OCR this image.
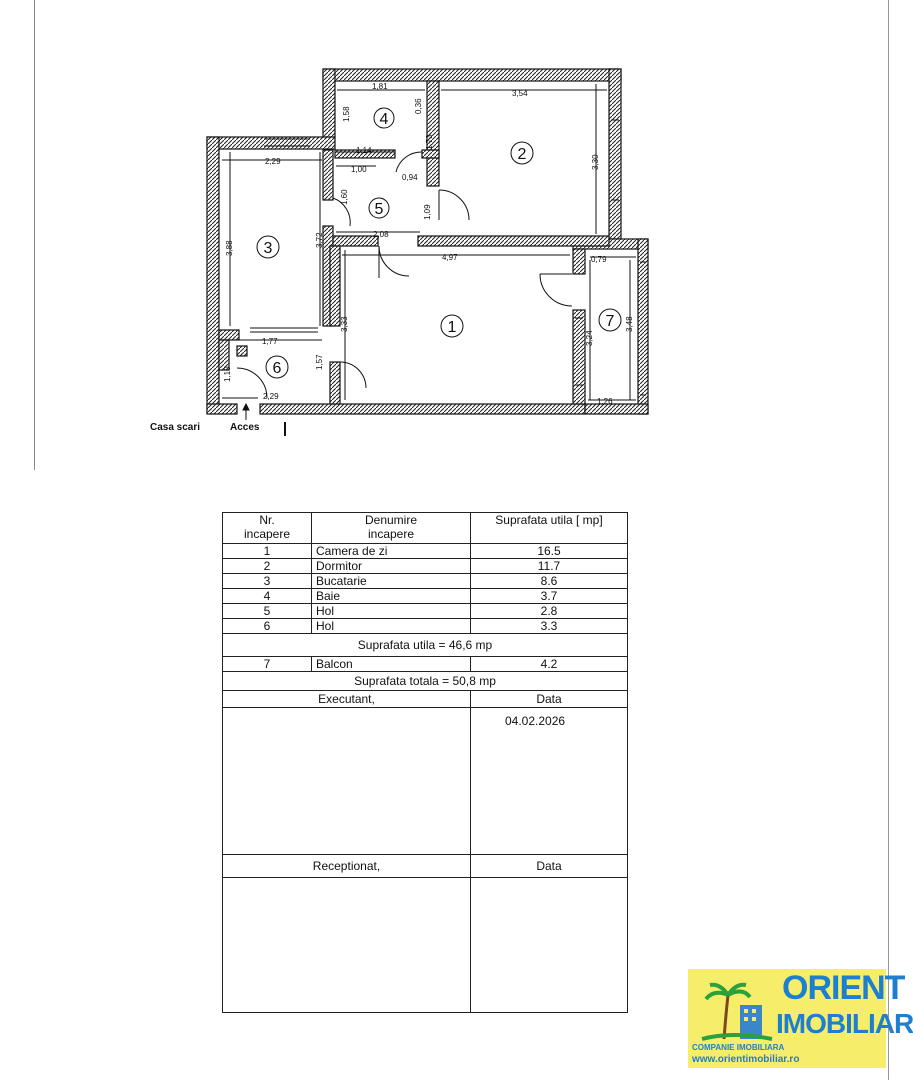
4
2
5
3
1	7
6
1,81
3,54
1,58
0,36
1,73
2,29
1,14
1,00
0,94
3,30
1,60
1,09
3,88
3,72	2,08
4,97	0,79
3,33
3,24
3,48
1,77
1,57
1,10
2,29
1,26
Casa scari	Acces
Nr. incapere	Denumire incapere	Suprafata utila [ mp]
1	Camera de zi	16.5
2	Dormitor	11.7
3	Bucatarie	8.6
4	Baie	3.7
5	Hol	2.8
6	Hol	3.3
Suprafata utila = 46,6 mp		
7	Balcon	4.2
Suprafata totala = 50,8 mp		
Executant,		Data

		04.02.2026

Receptionat,		Data

ORIENT
IMOBILIAR
COMPANIE IMOBILIARA
www.orientimobiliar.ro
